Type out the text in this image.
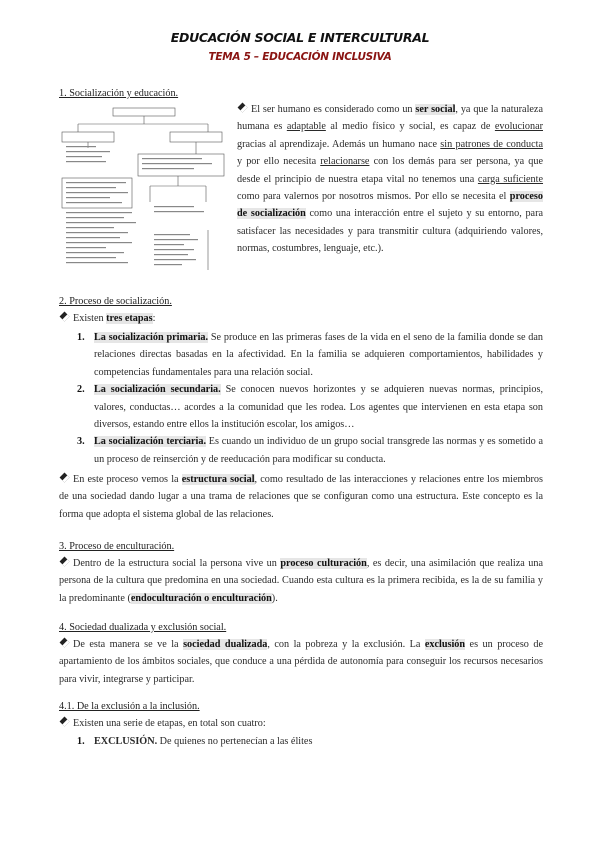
EDUCACIÓN SOCIAL E INTERCULTURAL
TEMA 5 – EDUCACIÓN INCLUSIVA
1. Socialización y educación.
El ser humano es considerado como un ser social, ya que la naturaleza humana es adaptable al medio físico y social, es capaz de evolucionar gracias al aprendizaje. Además un humano nace sin patrones de conducta y por ello necesita relacionarse con los demás para ser persona, ya que desde el principio de nuestra etapa vital no tenemos una carga suficiente como para valernos por nosotros mismos. Por ello se necesita el proceso de socialización como una interacción entre el sujeto y su entorno, para satisfacer las necesidades y para transmitir cultura (adquiriendo valores, normas, costumbres, lenguaje, etc.).
2. Proceso de socialización.
Existen tres etapas:
1. La socialización primaria. Se produce en las primeras fases de la vida en el seno de la familia donde se dan relaciones directas basadas en la afectividad. En la familia se adquieren comportamientos, habilidades y competencias fundamentales para una relación social.
2. La socialización secundaria. Se conocen nuevos horizontes y se adquieren nuevas normas, principios, valores, conductas… acordes a la comunidad que les rodea. Los agentes que intervienen en esta etapa son diversos, estando entre ellos la institución escolar, los amigos…
3. La socialización terciaria. Es cuando un individuo de un grupo social transgrede las normas y es sometido a un proceso de reinserción y de reeducación para modificar su conducta.
En este proceso vemos la estructura social, como resultado de las interacciones y relaciones entre los miembros de una sociedad dando lugar a una trama de relaciones que se configuran como una estructura. Este concepto es la forma que adopta el sistema global de las relaciones.
3. Proceso de enculturación.
Dentro de la estructura social la persona vive un proceso culturación, es decir, una asimilación que realiza una persona de la cultura que predomina en una sociedad. Cuando esta cultura es la primera recibida, es la de su familia y la predominante (endoculturación o enculturación).
4. Sociedad dualizada y exclusión social.
De esta manera se ve la sociedad dualizada, con la pobreza y la exclusión. La exclusión es un proceso de apartamiento de los ámbitos sociales, que conduce a una pérdida de autonomía para conseguir los recursos necesarios para vivir, integrarse y participar.
4.1. De la exclusión a la inclusión.
Existen una serie de etapas, en total son cuatro:
1. EXCLUSIÓN. De quienes no pertenecían a las élites
